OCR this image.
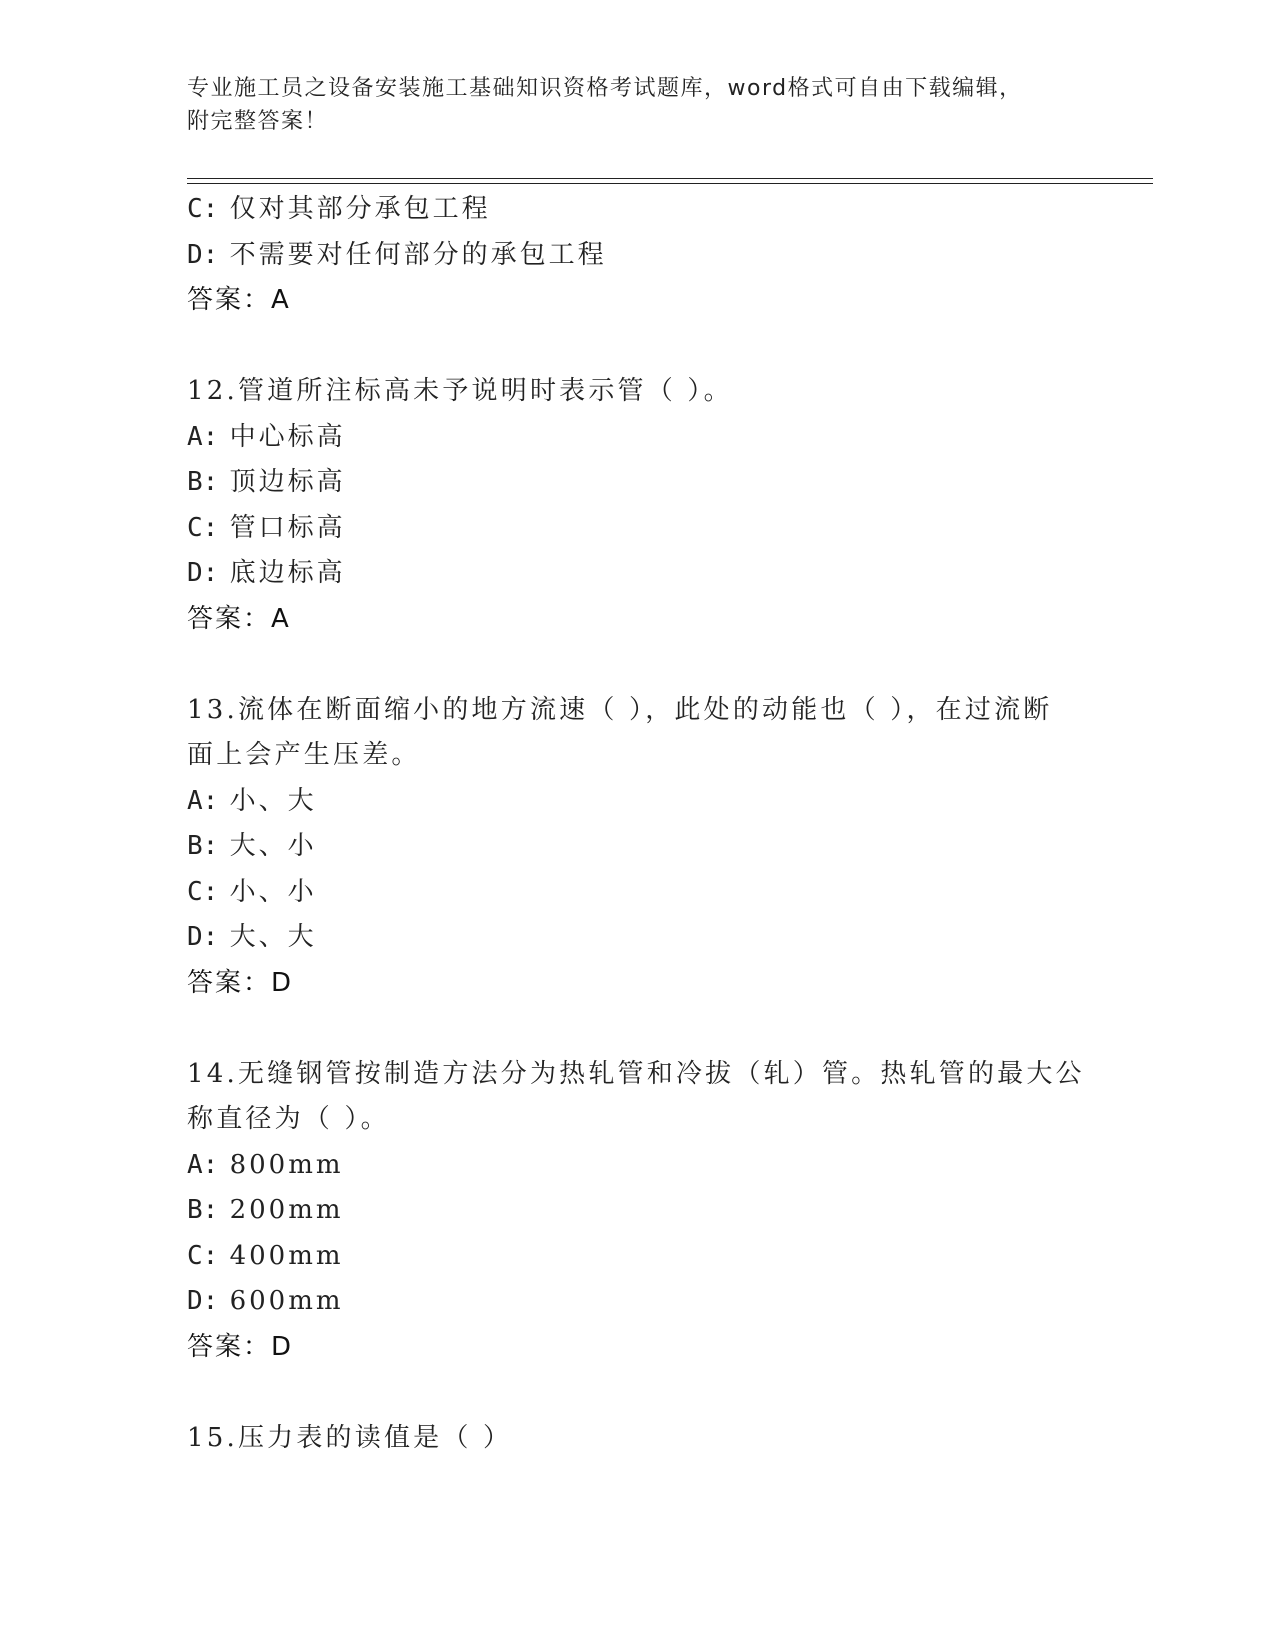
专业施工员之设备安装施工基础知识资格考试题库，word格式可自由下载编辑，
附完整答案！
C: 仅对其部分承包工程
D: 不需要对任何部分的承包工程
答案：A
12.管道所注标高未予说明时表示管（ ）。
A: 中心标高
B: 顶边标高
C: 管口标高
D: 底边标高
答案：A
13.流体在断面缩小的地方流速（ ），此处的动能也（ ），在过流断
面上会产生压差。
A: 小、大
B: 大、小
C: 小、小
D: 大、大
答案：D
14.无缝钢管按制造方法分为热轧管和冷拔（轧）管。热轧管的最大公
称直径为（ ）。
A: 800mm
B: 200mm
C: 400mm
D: 600mm
答案：D
15.压力表的读值是（ ）
